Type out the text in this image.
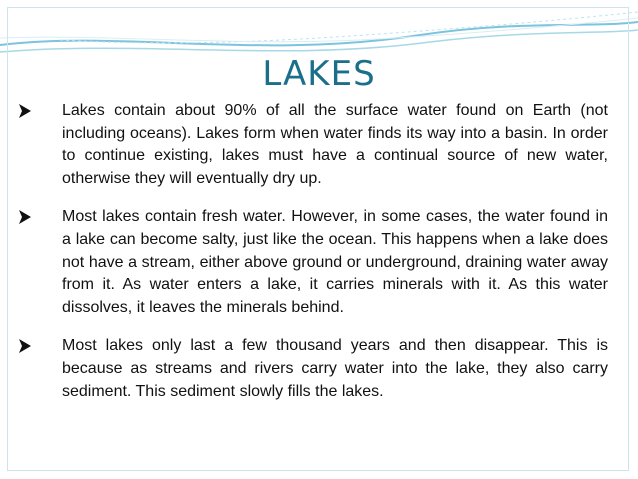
LAKES
Lakes contain about 90% of all the surface water found on Earth (not including oceans). Lakes form when water finds its way into a basin. In order to continue existing, lakes must have a continual source of new water, otherwise they will eventually dry up.
Most lakes contain fresh water. However, in some cases, the water found in a lake can become salty, just like the ocean. This happens when a lake does not have a stream, either above ground or underground, draining water away from it. As water enters a lake, it carries minerals with it. As this water dissolves, it leaves the minerals behind.
Most lakes only last a few thousand years and then disappear. This is because as streams and rivers carry water into the lake, they also carry sediment. This sediment slowly fills the lakes.
